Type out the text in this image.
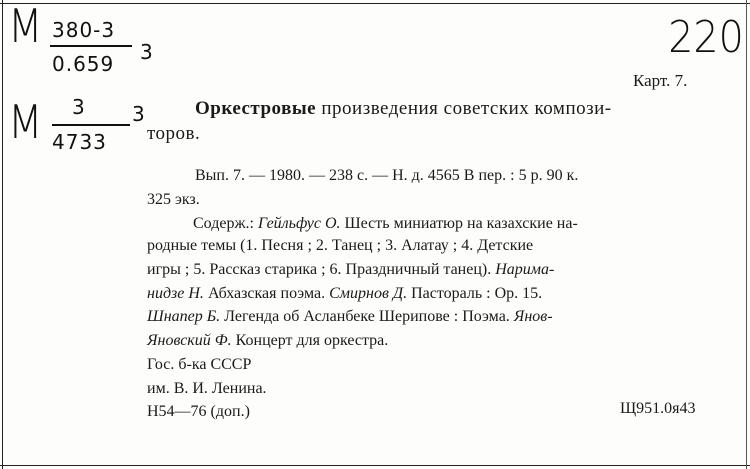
M 380-3
0.659 3
M 3
4733
3
220
Карт. 7.
Оркестровые произведения советских компози-
торов.
Вып. 7. — 1980. — 238 с. — Н. д. 4565 В пер. : 5 р. 90 к.
325 экз.
Содерж.: Гейльфус О. Шесть миниатюр на казахские на-
родные темы (1. Песня ; 2. Танец ; 3. Алатау ; 4. Детские
игры ; 5. Рассказ старика ; 6. Праздничный танец). Нарима-
нидзе Н. Абхазская поэма. Смирнов Д. Пастораль : Ор. 15.
Шнапер Б. Легенда об Асланбеке Шерипове : Поэма. Янов-
Яновский Ф. Концерт для оркестра.
Гос. б-ка СССР
им. В. И. Ленина.
Н54—76 (доп.)	Щ951.0я43
